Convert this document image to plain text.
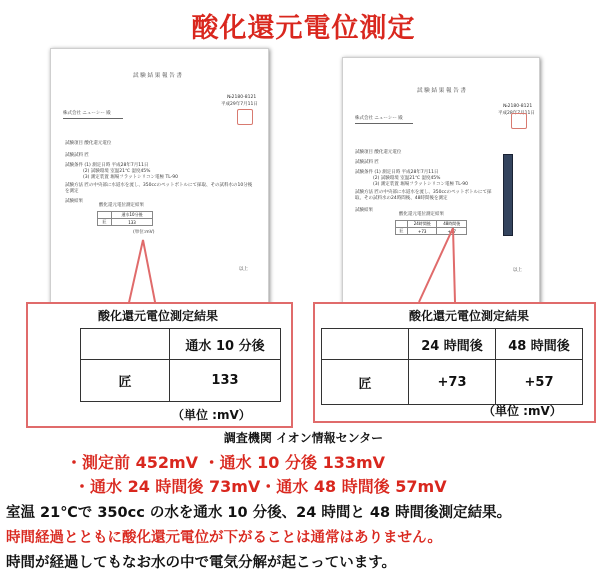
酸化還元電位測定
試 験 結 果 報 告 書
№2180-8121
平成29年7月11日
株式会社 ニューシー 殿
試験項目 酸化還元電位
試験試料 匠
試験条件 (1) 測定日時 平成28年7月11日
(2) 試験環境 室温21℃ 湿度45%
(3) 測定装置 堀場フラットシリコン電極 TL-90
試験方法 匠の中央部に水道水を流し、350ccのペットボトルにて採取、その試料水の10分後を測定
試験結果
酸化還元電位測定結果
	通水10分後
匠	133
(単位:mV)
以上
試 験 結 果 報 告 書
№2180-8121
平成28年7月11日
株式会社 ニューシー 殿
試験項目 酸化還元電位
試験試料 匠
試験条件 (1) 測定日時 平成28年7月11日
(2) 試験環境 室温21℃ 湿度45%
(3) 測定装置 堀場フラットシリコン電極 TL-90
試験方法 匠の中央部に水道水を流し、350ccのペットボトルにて採取、その試料水の24時間後、48時間後を測定
試験結果
酸化還元電位測定結果
	24時間後	48時間後
匠	+73	+57
以上
酸化還元電位測定結果
	通水 10 分後
匠	133
（単位 :mV）
酸化還元電位測定結果
	24 時間後	48 時間後
匠	+73	+57
（単位 :mV）
調査機関 イオン情報センター
・測定前 452mV ・通水 10 分後 133mV
・通水 24 時間後 73mV・通水 48 時間後 57mV
室温 21℃で 350cc の水を通水 10 分後、24 時間と 48 時間後測定結果。
時間経過とともに酸化還元電位が下がることは通常はありません。
時間が経過してもなお水の中で電気分解が起こっています。
